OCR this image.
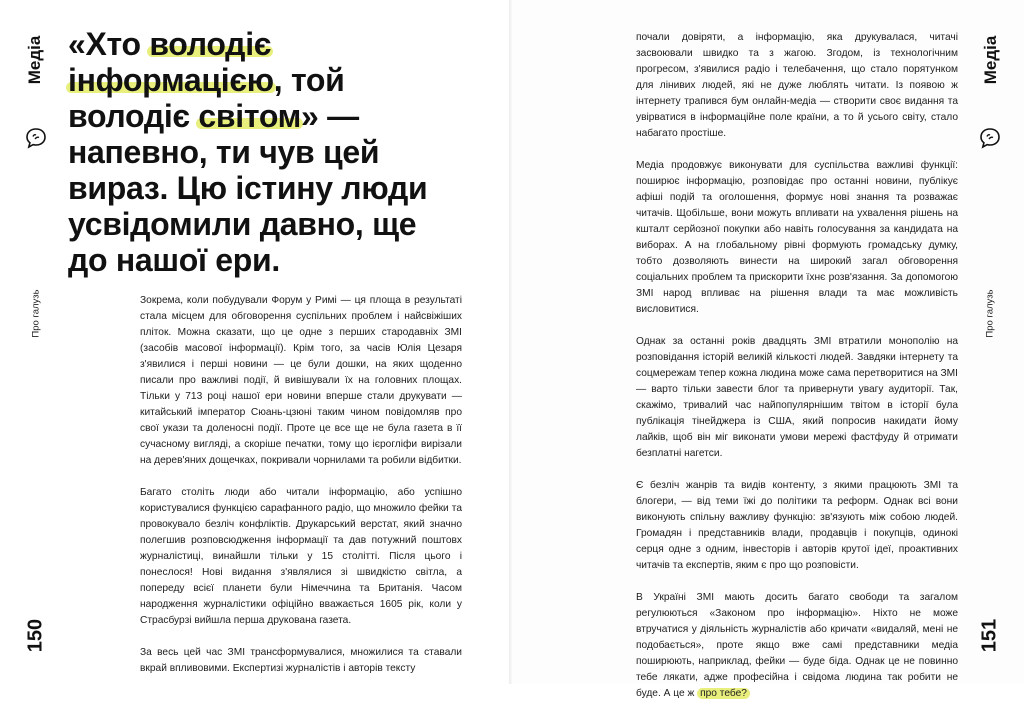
Медіа
Про галузь
150
«Хто володіє інформацією, той володіє світом» — напевно, ти чув цей вираз. Цю істину люди усвідомили давно, ще до нашої ери.

Зокрема, коли побудували Форум у Римі — ця площа в результаті стала місцем для обговорення суспільних проблем і найсвіжіших пліток. Можна сказати, що це одне з перших стародавніх ЗМІ (засобів масової інформації). Крім того, за часів Юлія Цезаря з'явилися і перші новини — це були дошки, на яких щоденно писали про важливі події, й вивішували їх на головних площах. Тільки у 713 році нашої ери новини вперше стали друкувати — китайський імператор Сюань-цзюні таким чином повідомляв про свої укази та доленосні події. Проте це все ще не була газета в її сучасному вигляді, а скоріше печатки, тому що ієрогліфи вирізали на дерев'яних дощечках, покривали чорнилами та робили відбитки.

Багато століть люди або читали інформацію, або успішно користувалися функцією сарафанного радіо, що множило фейки та провокувало безліч конфліктів. Друкарський верстат, який значно полегшив розповсюдження інформації та дав потужний поштовх журналістиці, винайшли тільки у 15 столітті. Після цього і понеслося! Нові видання з'являлися зі швидкістю світла, а попереду всієї планети були Німеччина та Британія. Часом народження журналістики офіційно вважається 1605 рік, коли у Страсбурзі вийшла перша друкована газета.

За весь цей час ЗМІ трансформувалися, множилися та ставали вкрай впливовими. Експертизі журналістів і авторів тексту

почали довіряти, а інформацію, яка друкувалася, читачі засвоювали швидко та з жагою. Згодом, із технологічним прогресом, з'явилися радіо і телебачення, що стало порятунком для лінивих людей, які не дуже люблять читати. Із появою ж інтернету трапився бум онлайн-медіа — створити своє видання та увірватися в інформаційне поле країни, а то й усього світу, стало набагато простіше.

Медіа продовжує виконувати для суспільства важливі функції: поширює інформацію, розповідає про останні новини, публікує афіші подій та оголошення, формує нові знання та розважає читачів. Щобільше, вони можуть впливати на ухвалення рішень на кшталт серйозної покупки або навіть голосування за кандидата на виборах. А на глобальному рівні формують громадську думку, тобто дозволяють винести на широкий загал обговорення соціальних проблем та прискорити їхнє розв'язання. За допомогою ЗМІ народ впливає на рішення влади та має можливість висловитися.

Однак за останні років двадцять ЗМІ втратили монополію на розповідання історій великій кількості людей. Завдяки інтернету та соцмережам тепер кожна людина може сама перетворитися на ЗМІ — варто тільки завести блог та привернути увагу аудиторії. Так, скажімо, тривалий час найпопулярнішим твітом в історії була публікація тінейджера із США, який попросив накидати йому лайків, щоб він міг виконати умови мережі фастфуду й отримати безплатні нагетси.

Є безліч жанрів та видів контенту, з якими працюють ЗМІ та блогери, — від теми їжі до політики та реформ. Однак всі вони виконують спільну важливу функцію: зв'язують між собою людей. Громадян і представників влади, продавців і покупців, одинокі серця одне з одним, інвесторів і авторів крутої ідеї, проактивних читачів та експертів, яким є про що розповісти.

В Україні ЗМІ мають досить багато свободи та загалом регулюються «Законом про інформацію». Ніхто не може втручатися у діяльність журналістів або кричати «видаляй, мені не подобається», проте якщо вже самі представники медіа поширюють, наприклад, фейки — буде біда. Однак це не повинно тебе лякати, адже професійна і свідома людина так робити не буде. А це ж про тебе?

Медіа
Про галузь
151
